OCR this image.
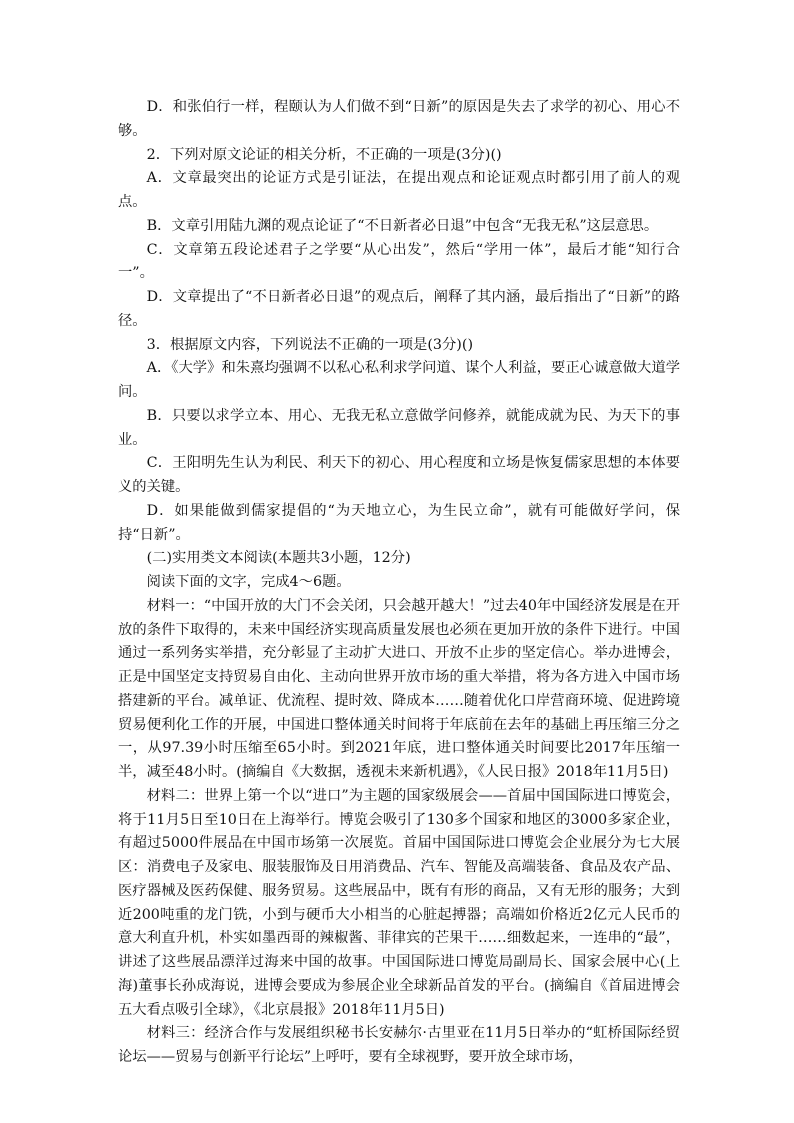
D．和张伯行一样，程颐认为人们做不到“日新”的原因是失去了求学的初心、用心不够。

2．下列对原文论证的相关分析，不正确的一项是(3分)()

A．文章最突出的论证方式是引证法，在提出观点和论证观点时都引用了前人的观点。

B．文章引用陆九渊的观点论证了“不日新者必日退”中包含“无我无私”这层意思。

C．文章第五段论述君子之学要“从心出发”，然后“学用一体”，最后才能“知行合一”。

D．文章提出了“不日新者必日退”的观点后，阐释了其内涵，最后指出了“日新”的路径。

3．根据原文内容，下列说法不正确的一项是(3分)()

A．《大学》和朱熹均强调不以私心私利求学问道、谋个人利益，要正心诚意做大道学问。

B．只要以求学立本、用心、无我无私立意做学问修养，就能成就为民、为天下的事业。

C．王阳明先生认为利民、利天下的初心、用心程度和立场是恢复儒家思想的本体要义的关键。

D．如果能做到儒家提倡的“为天地立心，为生民立命”，就有可能做好学问，保持“日新”。

(二)实用类文本阅读(本题共3小题，12分)

阅读下面的文字，完成4～6题。

材料一：“中国开放的大门不会关闭，只会越开越大！”过去40年中国经济发展是在开放的条件下取得的，未来中国经济实现高质量发展也必须在更加开放的条件下进行。中国通过一系列务实举措，充分彰显了主动扩大进口、开放不止步的坚定信心。举办进博会，正是中国坚定支持贸易自由化、主动向世界开放市场的重大举措，将为各方进入中国市场搭建新的平台。减单证、优流程、提时效、降成本……随着优化口岸营商环境、促进跨境贸易便利化工作的开展，中国进口整体通关时间将于年底前在去年的基础上再压缩三分之一，从97.39小时压缩至65小时。到2021年底，进口整体通关时间要比2017年压缩一半，减至48小时。(摘编自《大数据，透视未来新机遇》，《人民日报》2018年11月5日)

材料二：世界上第一个以“进口”为主题的国家级展会——首届中国国际进口博览会，将于11月5日至10日在上海举行。博览会吸引了130多个国家和地区的3000多家企业，有超过5000件展品在中国市场第一次展览。首届中国国际进口博览会企业展分为七大展区：消费电子及家电、服装服饰及日用消费品、汽车、智能及高端装备、食品及农产品、医疗器械及医药保健、服务贸易。这些展品中，既有有形的商品，又有无形的服务；大到近200吨重的龙门铣，小到与硬币大小相当的心脏起搏器；高端如价格近2亿元人民币的意大利直升机，朴实如墨西哥的辣椒酱、菲律宾的芒果干……细数起来，一连串的“最”，讲述了这些展品漂洋过海来中国的故事。中国国际进口博览局副局长、国家会展中心(上海)董事长孙成海说，进博会要成为参展企业全球新品首发的平台。(摘编自《首届进博会五大看点吸引全球》，《北京晨报》2018年11月5日)

材料三：经济合作与发展组织秘书长安赫尔·古里亚在11月5日举办的“虹桥国际经贸论坛——贸易与创新平行论坛”上呼吁，要有全球视野，要开放全球市场，
